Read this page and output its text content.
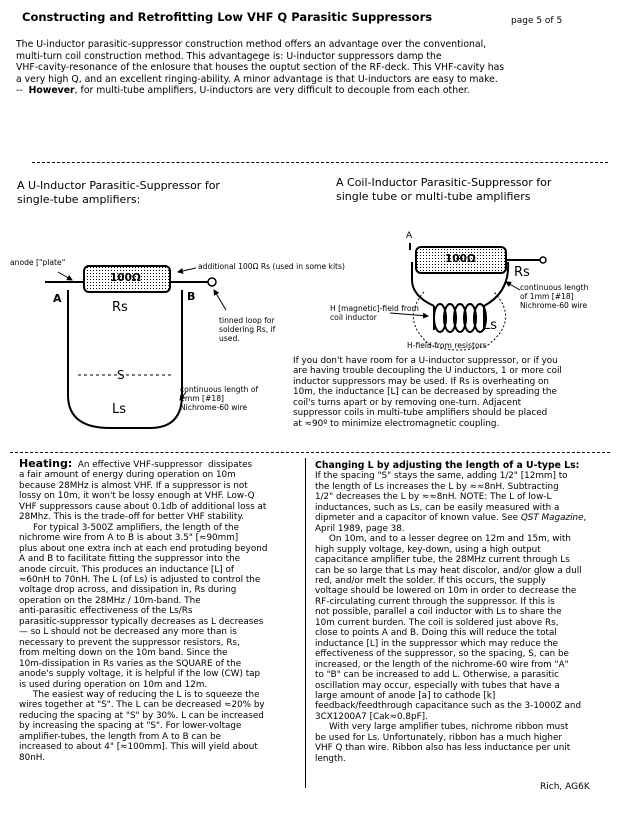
Constructing and Retrofitting Low VHF Q Parasitic Suppressors	page 5 of 5

The U-inductor parasitic-suppressor construction method offers an advantage over the conventional,

multi-turn coil construction method. This advantagege is: U-inductor suppressors damp the

VHF-cavity-resonance of the enlosure that houses the ouptut section of the RF-deck. This VHF-cavity has

a very high Q, and an excellent ringing-ability. A minor advantage is that U-inductors are easy to make.

--  However, for multi-tube amplifiers, U-inductors are very difficult to decouple from each other.

A U-Inductor Parasitic-Suppressor for
single-tube amplifiers:
A Coil-Inductor Parasitic-Suppressor for
single tube or multi-tube amplifiers
anode ["plate"
100Ω
additional 100Ω Rs (used in some kits)
A	B
Rs
S
Ls
tinned loop for
soldering Rs, if
used.
continuous length of
1mm [#18]
Nichrome-60 wire
A
100Ω
Rs
continuous length
of 1mm [#18]
Nichrome-60 wire
H [magnetic]-field from
coil inductor
Ls
H-field from resistors

If you don't have room for a U-inductor suppressor, or if you

are having trouble decoupling the U inductors, 1 or more coil

inductor suppressors may be used. If Rs is overheating on

10m, the inductance [L] can be decreased by spreading the

coil's turns apart or by removing one-turn. Adjacent

suppressor coils in multi-tube amplifiers should be placed

at ≈90º to minimize electromagnetic coupling.

Heating:  An effective VHF-suppressor  dissipates

a fair amount of energy during operation on 10m

because 28MHz is almost VHF. If a suppressor is not

lossy on 10m, it won't be lossy enough at VHF. Low-Q

VHF suppressors cause about 0.1db of additional loss at

28Mhz. This is the trade-off for better VHF stability.

For typical 3-500Z amplifiers, the length of the

nichrome wire from A to B is about 3.5" [≈90mm]

plus about one extra inch at each end protuding beyond

A and B to facilitate fitting the suppressor into the

anode circuit. This produces an inductance [L] of

≈60nH to 70nH. The L (of Ls) is adjusted to control the

voltage drop across, and dissipation in, Rs during

operation on the 28MHz / 10m-band. The

anti-parasitic effectiveness of the Ls/Rs

parasitic-suppressor typically decreases as L decreases

— so L should not be decreased any more than is

necessary to prevent the suppressor resistors, Rs,

from melting down on the 10m band. Since the

10m-dissipation in Rs varies as the SQUARE of the

anode's supply voltage, it is helpful if the low (CW) tap

is used during operation on 10m and 12m.

The easiest way of reducing the L is to squeeze the

wires together at "S". The L can be decreased ≈20% by

reducing the spacing at "S" by 30%. L can be increased

by increasing the spacing at "S". For lower-voltage

amplifier-tubes, the length from A to B can be

increased to about 4" [≈100mm]. This will yield about

80nH.

Changing L by adjusting the length of a U-type Ls:

If the spacing "S" stays the same, adding 1/2" [12mm] to

the length of Ls increases the L by ≈≈8nH. Subtracting

1/2" decreases the L by ≈≈8nH. NOTE: The L of low-L

inductances, such as Ls, can be easily measured with a

dipmeter and a capacitor of known value. See QST Magazine,

April 1989, page 38.

On 10m, and to a lesser degree on 12m and 15m, with

high supply voltage, key-down, using a high output

capacitance amplifier tube, the 28MHz current through Ls

can be so large that Ls may heat discolor, and/or glow a dull

red, and/or melt the solder. If this occurs, the supply

voltage should be lowered on 10m in order to decrease the

RF-circulating current through the suppressor. If this is

not possible, parallel a coil inductor with Ls to share the

10m current burden. The coil is soldered just above Rs,

close to points A and B. Doing this will reduce the total

inductance [L] in the suppressor which may reduce the

effectiveness of the suppressor, so the spacing, S, can be

increased, or the length of the nichrome-60 wire from "A"

to "B" can be increased to add L. Otherwise, a parasitic

oscillation may occur, especially with tubes that have a

large amount of anode [a] to cathode [k]

feedback/feedthrough capacitance such as the 3-1000Z and

3CX1200A7 [Cak≈0.8pF].

With very large amplifier tubes, nichrome ribbon must

be used for Ls. Unfortunately, ribbon has a much higher

VHF Q than wire. Ribbon also has less inductance per unit

length.

Rich, AG6K
